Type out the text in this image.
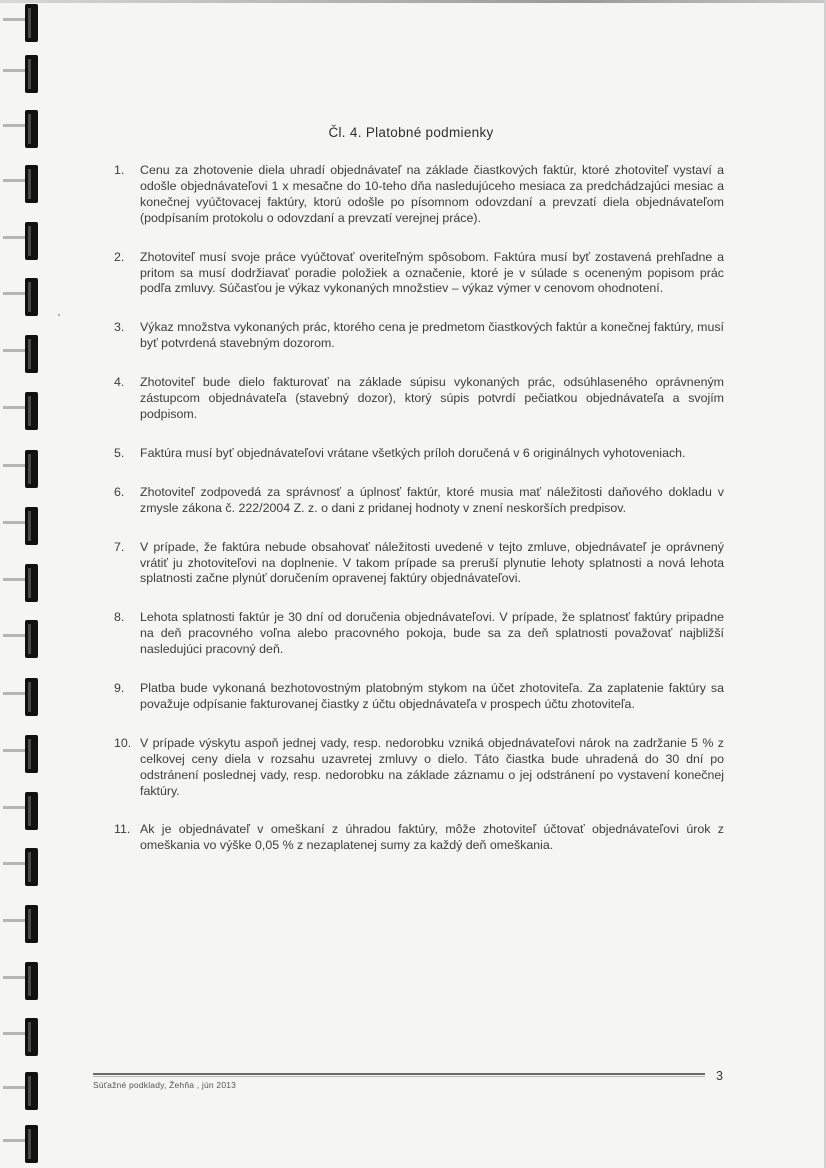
Čl. 4. Platobné podmienky
1.	Cenu za zhotovenie diela uhradí objednávateľ na základe čiastkových faktúr, ktoré zhotoviteľ vystaví a odošle objednávateľovi 1 x mesačne do 10-teho dňa nasledujúceho mesiaca za predchádzajúci mesiac a konečnej vyúčtovacej faktúry, ktorú odošle po písomnom odovzdaní a prevzatí diela objednávateľom (podpísaním protokolu o odovzdaní a prevzatí verejnej práce).
2.	Zhotoviteľ musí svoje práce vyúčtovať overiteľným spôsobom. Faktúra musí byť zostavená prehľadne a pritom sa musí dodržiavať poradie položiek a označenie, ktoré je v súlade s oceneným popisom prác podľa zmluvy. Súčasťou je výkaz vykonaných množstiev – výkaz výmer v cenovom ohodnotení.
3.	Výkaz množstva vykonaných prác, ktorého cena je predmetom čiastkových faktúr a konečnej faktúry, musí byť potvrdená stavebným dozorom.
4.	Zhotoviteľ bude dielo fakturovať na základe súpisu vykonaných prác, odsúhlaseného oprávneným zástupcom objednávateľa (stavebný dozor), ktorý súpis potvrdí pečiatkou objednávateľa a svojím podpisom.
5.	Faktúra musí byť objednávateľovi vrátane všetkých príloh doručená v 6 originálnych vyhotoveniach.
6.	Zhotoviteľ zodpovedá za správnosť a úplnosť faktúr, ktoré musia mať náležitosti daňového dokladu v zmysle zákona č. 222/2004 Z. z. o dani z pridanej hodnoty v znení neskorších predpisov.
7.	V prípade, že faktúra nebude obsahovať náležitosti uvedené v tejto zmluve, objednávateľ je oprávnený vrátiť ju zhotoviteľovi na doplnenie. V takom prípade sa preruší plynutie lehoty splatnosti a nová lehota splatnosti začne plynúť doručením opravenej faktúry objednávateľovi.
8.	Lehota splatnosti faktúr je 30 dní od doručenia objednávateľovi. V prípade, že splatnosť faktúry pripadne na deň pracovného voľna alebo pracovného pokoja, bude sa za deň splatnosti považovať najbližší nasledujúci pracovný deň.
9.	Platba bude vykonaná bezhotovostným platobným stykom na účet zhotoviteľa. Za zaplatenie faktúry sa považuje odpísanie fakturovanej čiastky z účtu objednávateľa v prospech účtu zhotoviteľa.
10. V prípade výskytu aspoň jednej vady, resp. nedorobku vzniká objednávateľovi nárok na zadržanie 5 % z celkovej ceny diela v rozsahu uzavretej zmluvy o dielo. Táto čiastka bude uhradená do 30 dní po odstránení poslednej vady, resp. nedorobku na základe záznamu o jej odstránení po vystavení konečnej faktúry.
11. Ak je objednávateľ v omeškaní z úhradou faktúry, môže zhotoviteľ účtovať objednávateľovi úrok z omeškania vo výške 0,05 % z nezaplatenej sumy za každý deň omeškania.
Súťažné podklady, Žehňa , jún 2013
3
